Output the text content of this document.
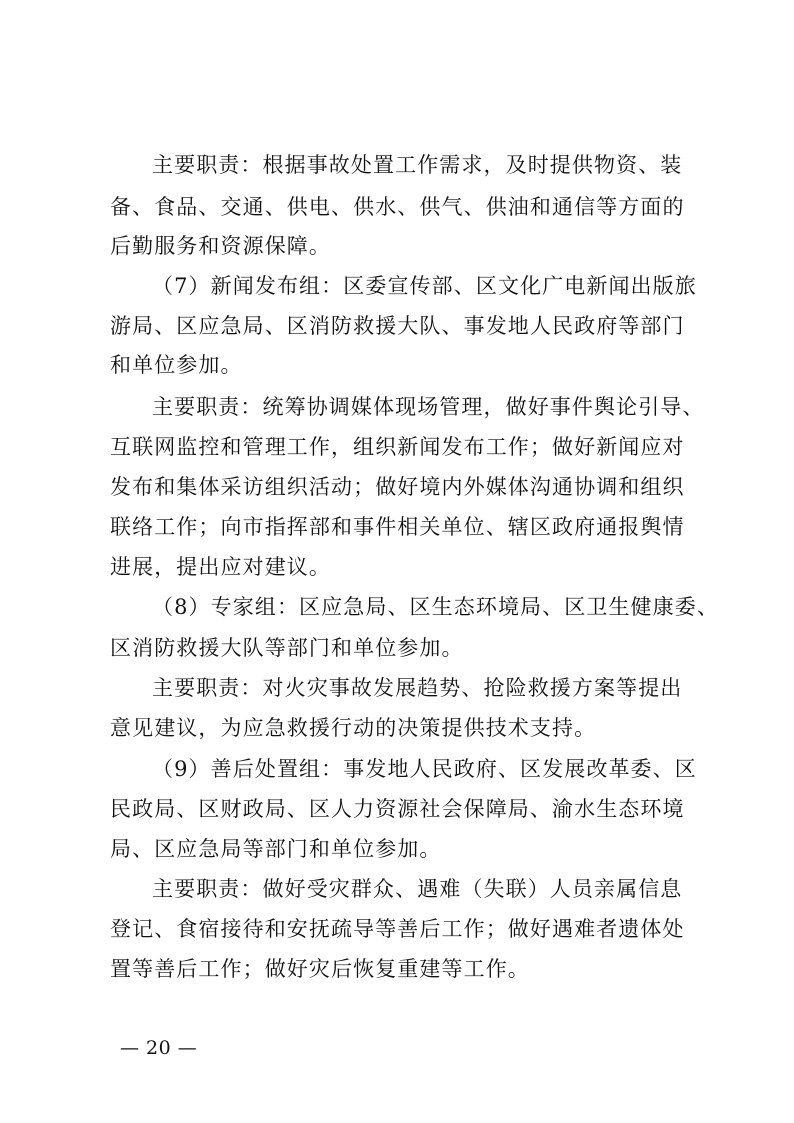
主要职责：根据事故处置工作需求，及时提供物资、装
备、食品、交通、供电、供水、供气、供油和通信等方面的
后勤服务和资源保障。
（7）新闻发布组：区委宣传部、区文化广电新闻出版旅
游局、区应急局、区消防救援大队、事发地人民政府等部门
和单位参加。
主要职责：统筹协调媒体现场管理，做好事件舆论引导、
互联网监控和管理工作，组织新闻发布工作；做好新闻应对
发布和集体采访组织活动；做好境内外媒体沟通协调和组织
联络工作；向市指挥部和事件相关单位、辖区政府通报舆情
进展，提出应对建议。
（8）专家组：区应急局、区生态环境局、区卫生健康委、
区消防救援大队等部门和单位参加。
主要职责：对火灾事故发展趋势、抢险救援方案等提出
意见建议，为应急救援行动的决策提供技术支持。
（9）善后处置组：事发地人民政府、区发展改革委、区
民政局、区财政局、区人力资源社会保障局、渝水生态环境
局、区应急局等部门和单位参加。
主要职责：做好受灾群众、遇难（失联）人员亲属信息
登记、食宿接待和安抚疏导等善后工作；做好遇难者遗体处
置等善后工作；做好灾后恢复重建等工作。
— 20 —
